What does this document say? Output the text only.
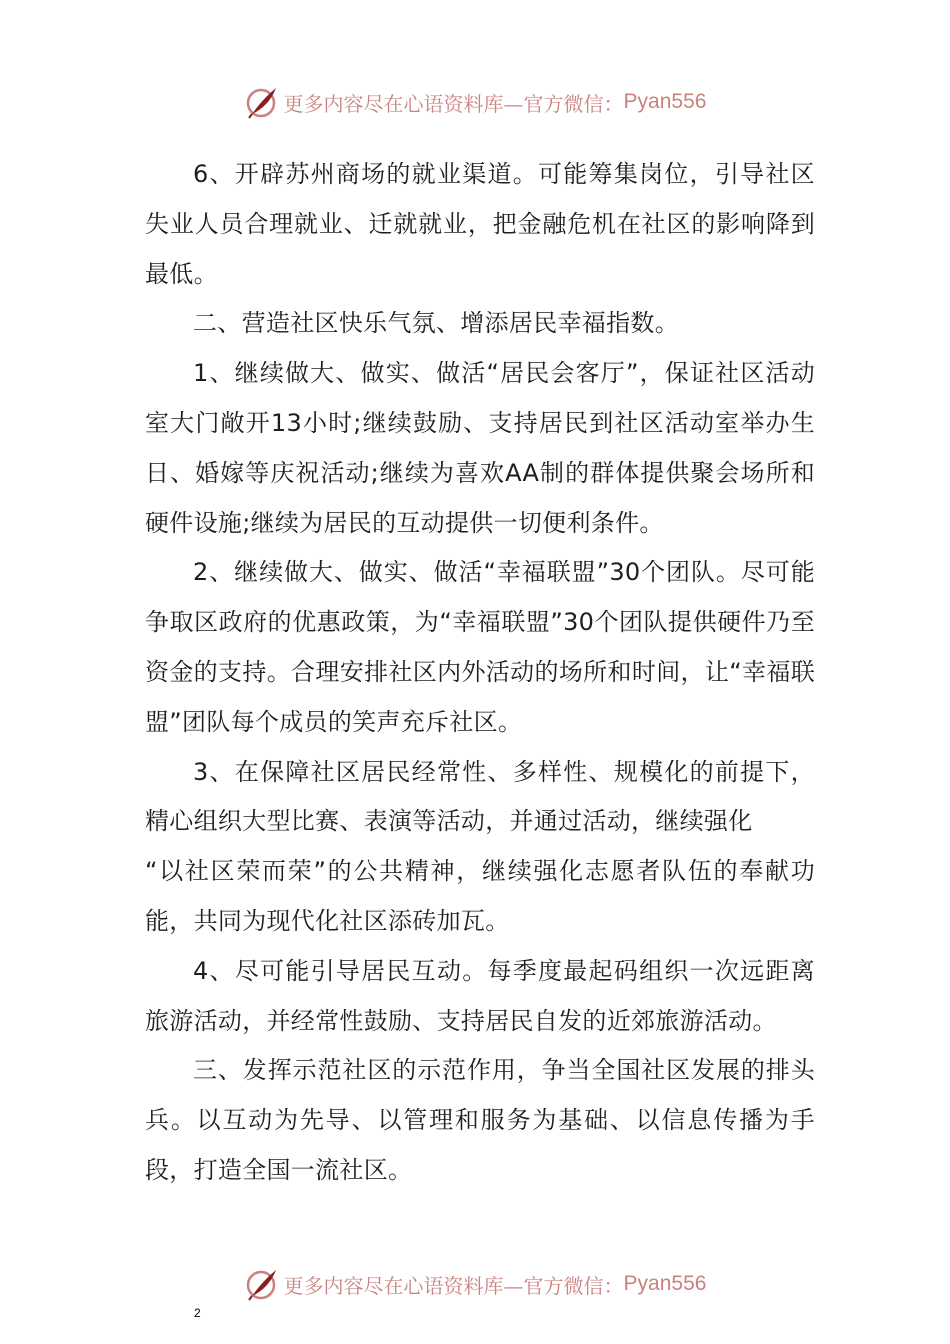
更多内容尽在心语资料库—官方微信： Pyan556

6、开辟苏州商场的就业渠道。可能筹集岗位，引导社区失业人员合理就业、迁就就业，把金融危机在社区的影响降到最低。

二、营造社区快乐气氛、增添居民幸福指数。

1、继续做大、做实、做活“居民会客厅”，保证社区活动室大门敞开13小时;继续鼓励、支持居民到社区活动室举办生日、婚嫁等庆祝活动;继续为喜欢AA制的群体提供聚会场所和硬件设施;继续为居民的互动提供一切便利条件。

2、继续做大、做实、做活“幸福联盟”30个团队。尽可能争取区政府的优惠政策，为“幸福联盟”30个团队提供硬件乃至资金的支持。合理安排社区内外活动的场所和时间，让“幸福联盟”团队每个成员的笑声充斥社区。

3、在保障社区居民经常性、多样性、规模化的前提下，精心组织大型比赛、表演等活动，并通过活动，继续强化

“以社区荣而荣”的公共精神，继续强化志愿者队伍的奉献功能，共同为现代化社区添砖加瓦。

4、尽可能引导居民互动。每季度最起码组织一次远距离旅游活动，并经常性鼓励、支持居民自发的近郊旅游活动。

三、发挥示范社区的示范作用，争当全国社区发展的排头兵。以互动为先导、以管理和服务为基础、以信息传播为手段，打造全国一流社区。

更多内容尽在心语资料库—官方微信： Pyan556
2
